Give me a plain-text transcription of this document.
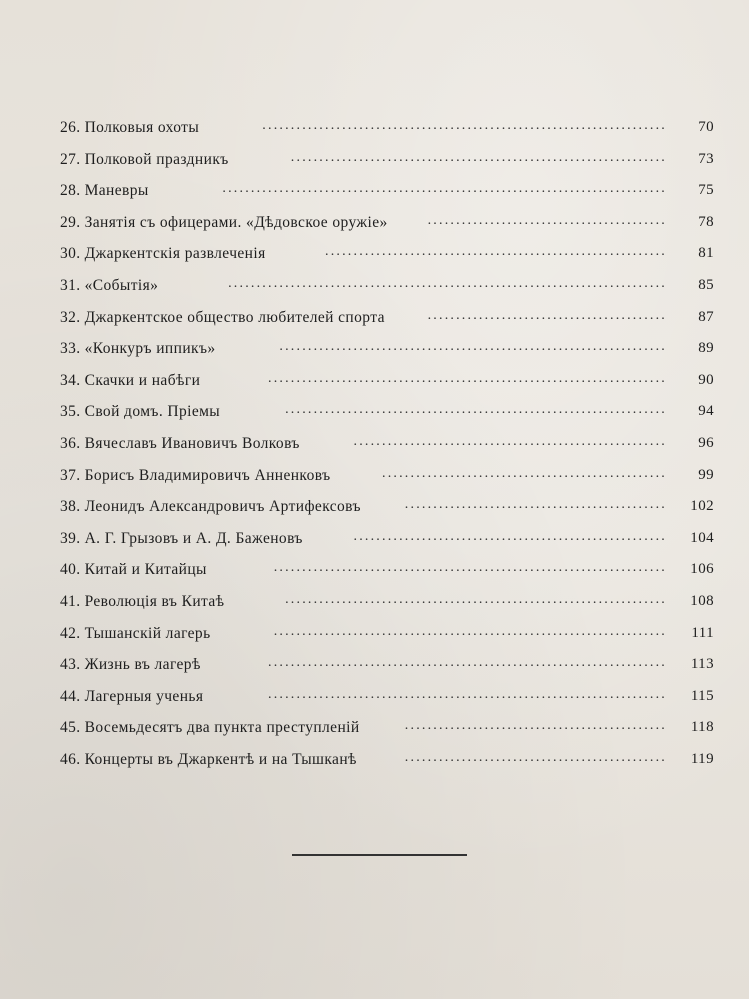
26. Полковыя охоты	....................................................................... 70
27. Полковой праздникъ	.................................................................. 73
28. Маневры	.............................................................................. 75
29. Занятія съ офицерами. «Дѣдовское оружіе»	.......................................... 78
30. Джаркентскія развлеченія	............................................................ 81
31. «Событія»	............................................................................. 85
32. Джаркентское общество любителей спорта	.......................................... 87
33. «Конкуръ иппикъ»	.................................................................... 89
34. Скачки и набѣги	...................................................................... 90
35. Свой домъ. Пріемы	................................................................... 94
36. Вячеславъ Ивановичъ Волковъ	....................................................... 96
37. Борисъ Владимировичъ Анненковъ	.................................................. 99
38. Леонидъ Александровичъ Артифексовъ	.............................................. 102
39. А. Г. Грызовъ и А. Д. Баженовъ	....................................................... 104
40. Китай и Китайцы	..................................................................... 106
41. Революція въ Китаѣ	................................................................... 108
42. Тышанскій лагерь	..................................................................... 111
43. Жизнь въ лагерѣ	...................................................................... 113
44. Лагерныя ученья	...................................................................... 115
45. Восемьдесятъ два пункта преступленій	.............................................. 118
46. Концерты въ Джаркентѣ и на Тышканѣ	.............................................. 119
